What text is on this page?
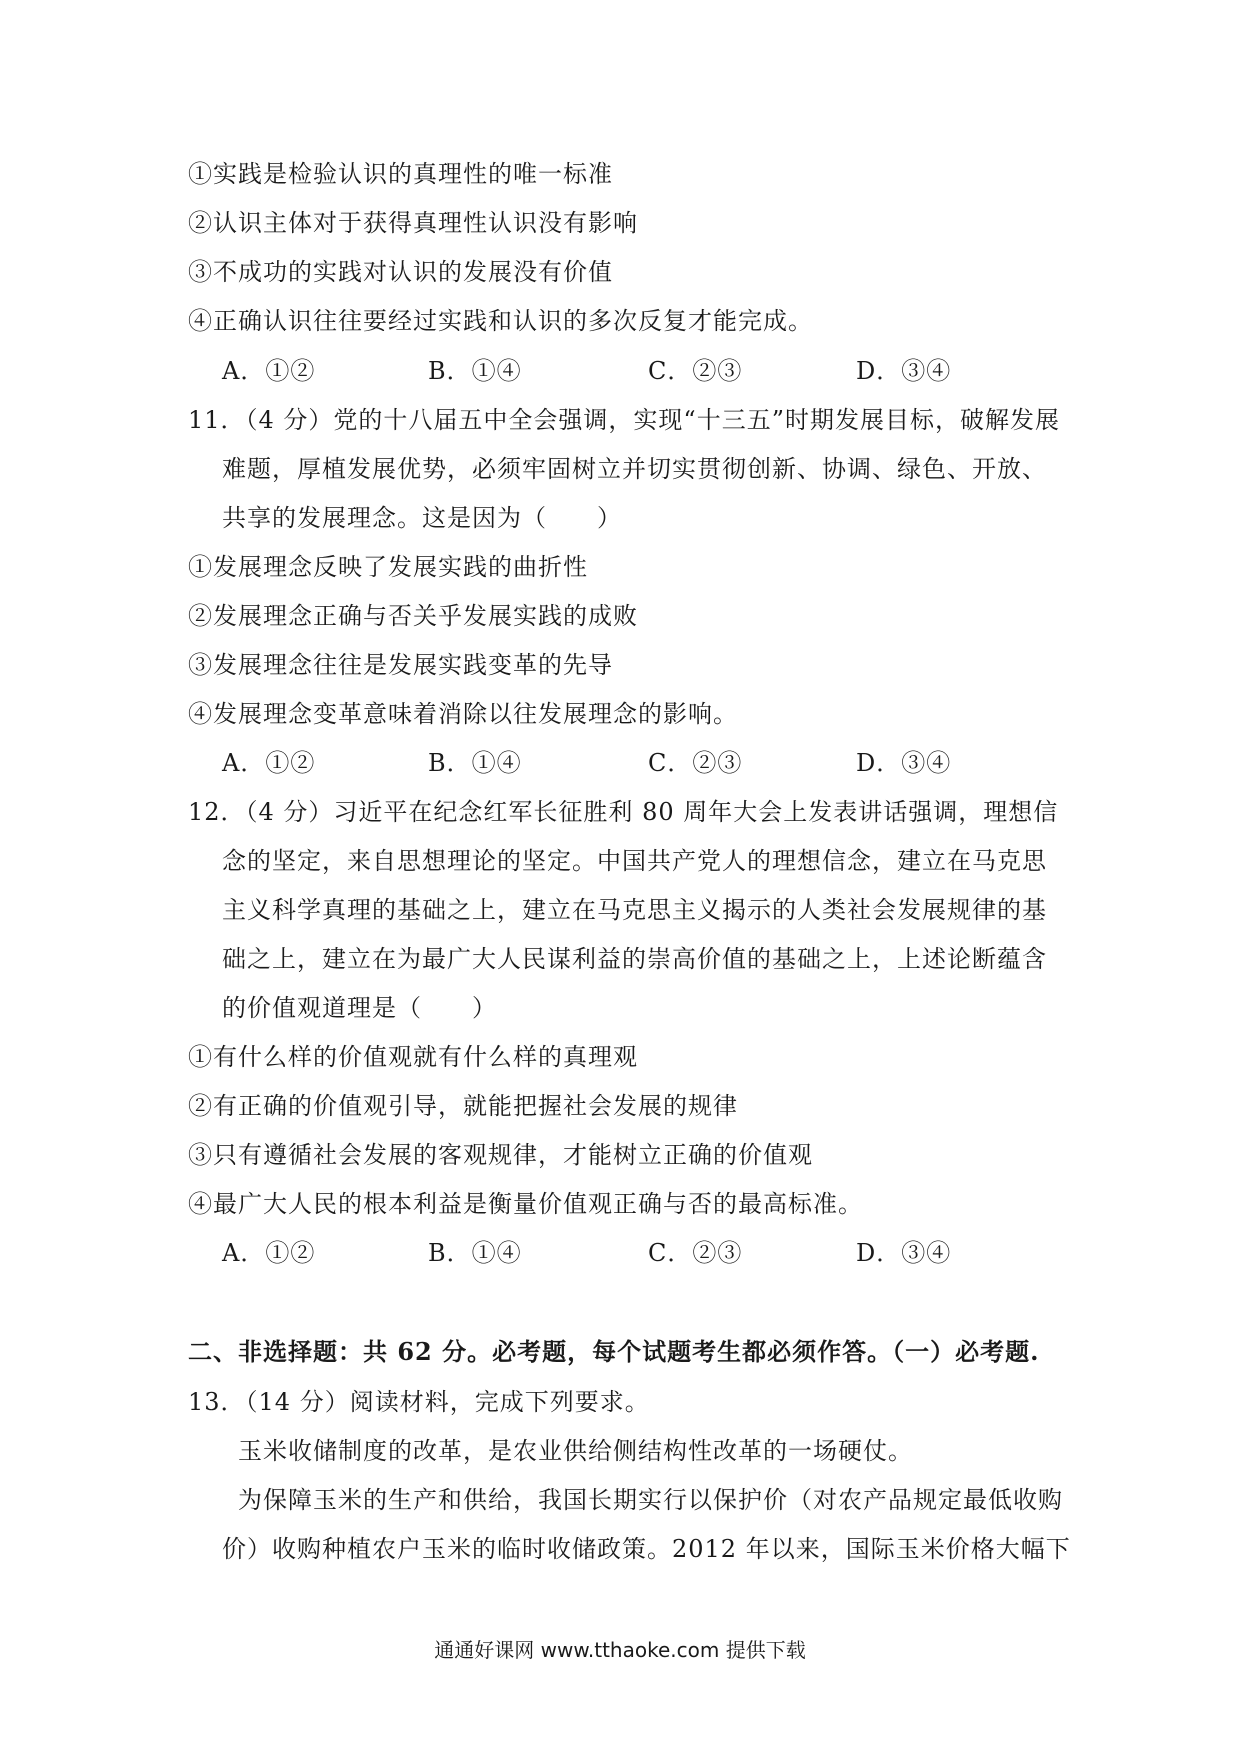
①实践是检验认识的真理性的唯一标准
②认识主体对于获得真理性认识没有影响
③不成功的实践对认识的发展没有价值
④正确认识往往要经过实践和认识的多次反复才能完成。
A．①②	B．①④	C．②③	D．③④
11．（4 分）党的十八届五中全会强调，实现“十三五”时期发展目标，破解发展
难题，厚植发展优势，必须牢固树立并切实贯彻创新、协调、绿色、开放、
共享的发展理念。这是因为（　　）
①发展理念反映了发展实践的曲折性
②发展理念正确与否关乎发展实践的成败
③发展理念往往是发展实践变革的先导
④发展理念变革意味着消除以往发展理念的影响。
A．①②	B．①④	C．②③	D．③④
12．（4 分）习近平在纪念红军长征胜利 80 周年大会上发表讲话强调，理想信
念的坚定，来自思想理论的坚定。中国共产党人的理想信念，建立在马克思
主义科学真理的基础之上，建立在马克思主义揭示的人类社会发展规律的基
础之上，建立在为最广大人民谋利益的崇高价值的基础之上，上述论断蕴含
的价值观道理是（　　）
①有什么样的价值观就有什么样的真理观
②有正确的价值观引导，就能把握社会发展的规律
③只有遵循社会发展的客观规律，才能树立正确的价值观
④最广大人民的根本利益是衡量价值观正确与否的最高标准。
A．①②	B．①④	C．②③	D．③④
二、非选择题：共 62 分。必考题，每个试题考生都必须作答。（一）必考题.
13．（14 分）阅读材料，完成下列要求。
玉米收储制度的改革，是农业供给侧结构性改革的一场硬仗。
为保障玉米的生产和供给，我国长期实行以保护价（对农产品规定最低收购
价）收购种植农户玉米的临时收储政策。2012 年以来，国际玉米价格大幅下
通通好课网 www.tthaoke.com 提供下载
